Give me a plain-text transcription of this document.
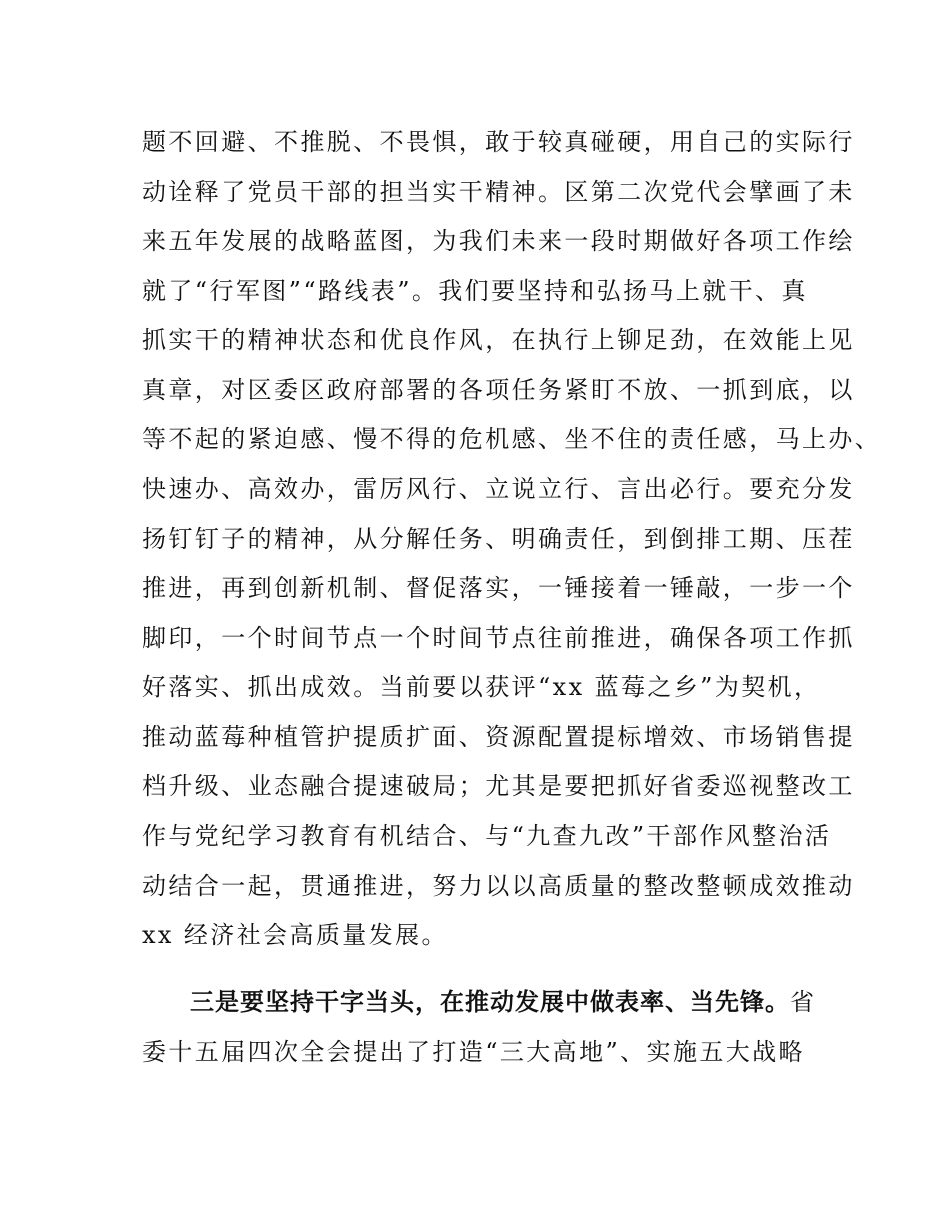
题不回避、不推脱、不畏惧，敢于较真碰硬，用自己的实际行
动诠释了党员干部的担当实干精神。区第二次党代会擘画了未
来五年发展的战略蓝图，为我们未来一段时期做好各项工作绘
就了“行军图”“路线表”。我们要坚持和弘扬马上就干、真
抓实干的精神状态和优良作风，在执行上铆足劲，在效能上见
真章，对区委区政府部署的各项任务紧盯不放、一抓到底，以
等不起的紧迫感、慢不得的危机感、坐不住的责任感，马上办、
快速办、高效办，雷厉风行、立说立行、言出必行。要充分发
扬钉钉子的精神，从分解任务、明确责任，到倒排工期、压茬
推进，再到创新机制、督促落实，一锤接着一锤敲，一步一个
脚印，一个时间节点一个时间节点往前推进，确保各项工作抓
好落实、抓出成效。当前要以获评“xx 蓝莓之乡”为契机，
推动蓝莓种植管护提质扩面、资源配置提标增效、市场销售提
档升级、业态融合提速破局；尤其是要把抓好省委巡视整改工
作与党纪学习教育有机结合、与“九查九改”干部作风整治活
动结合一起，贯通推进，努力以以高质量的整改整顿成效推动
xx 经济社会高质量发展。
三是要坚持干字当头，在推动发展中做表率、当先锋。省
委十五届四次全会提出了打造“三大高地”、实施五大战略
